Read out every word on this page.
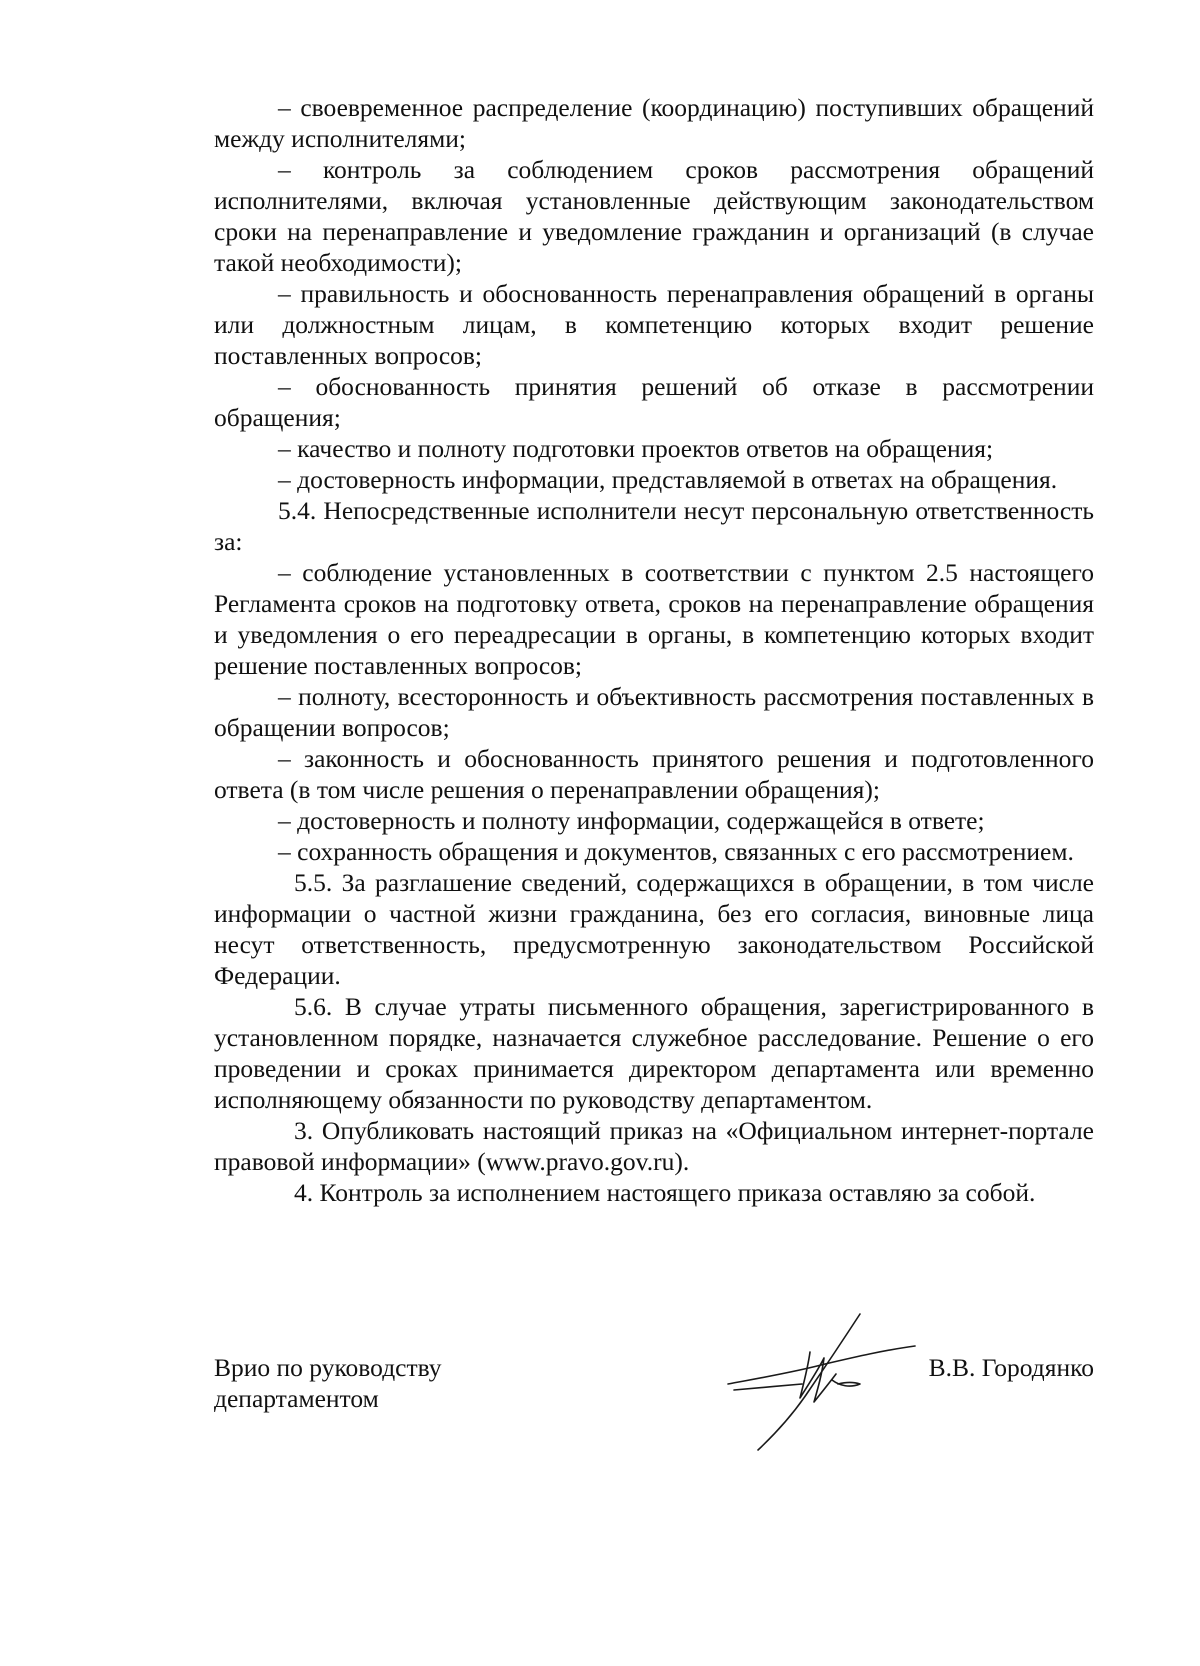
– своевременное распределение (координацию) поступивших обращений между исполнителями;

– контроль за соблюдением сроков рассмотрения обращений исполнителями, включая установленные действующим законодательством сроки на перенаправление и уведомление гражданин и организаций (в случае такой необходимости);

– правильность и обоснованность перенаправления обращений в органы или должностным лицам, в компетенцию которых входит решение поставленных вопросов;

– обоснованность принятия решений об отказе в рассмотрении обращения;

– качество и полноту подготовки проектов ответов на обращения;

– достоверность информации, представляемой в ответах на обращения.

5.4. Непосредственные исполнители несут персональную ответственность за:

– соблюдение установленных в соответствии с пунктом 2.5 настоящего Регламента сроков на подготовку ответа, сроков на перенаправление обращения и уведомления о его переадресации в органы, в компетенцию которых входит решение поставленных вопросов;

– полноту, всесторонность и объективность рассмотрения поставленных в обращении вопросов;

– законность и обоснованность принятого решения и подготовленного ответа (в том числе решения о перенаправлении обращения);

– достоверность и полноту информации, содержащейся в ответе;

– сохранность обращения и документов, связанных с его рассмотрением.

5.5. За разглашение сведений, содержащихся в обращении, в том числе информации о частной жизни гражданина, без его согласия, виновные лица несут ответственность, предусмотренную законодательством Российской Федерации.

5.6. В случае утраты письменного обращения, зарегистрированного в установленном порядке, назначается служебное расследование. Решение о его проведении и сроках принимается директором департамента или временно исполняющему обязанности по руководству департаментом.

3. Опубликовать настоящий приказ на «Официальном интернет-портале правовой информации» (www.pravo.gov.ru).

4. Контроль за исполнением настоящего приказа оставляю за собой.

Врио по руководству
департаментом
В.В. Городянко
